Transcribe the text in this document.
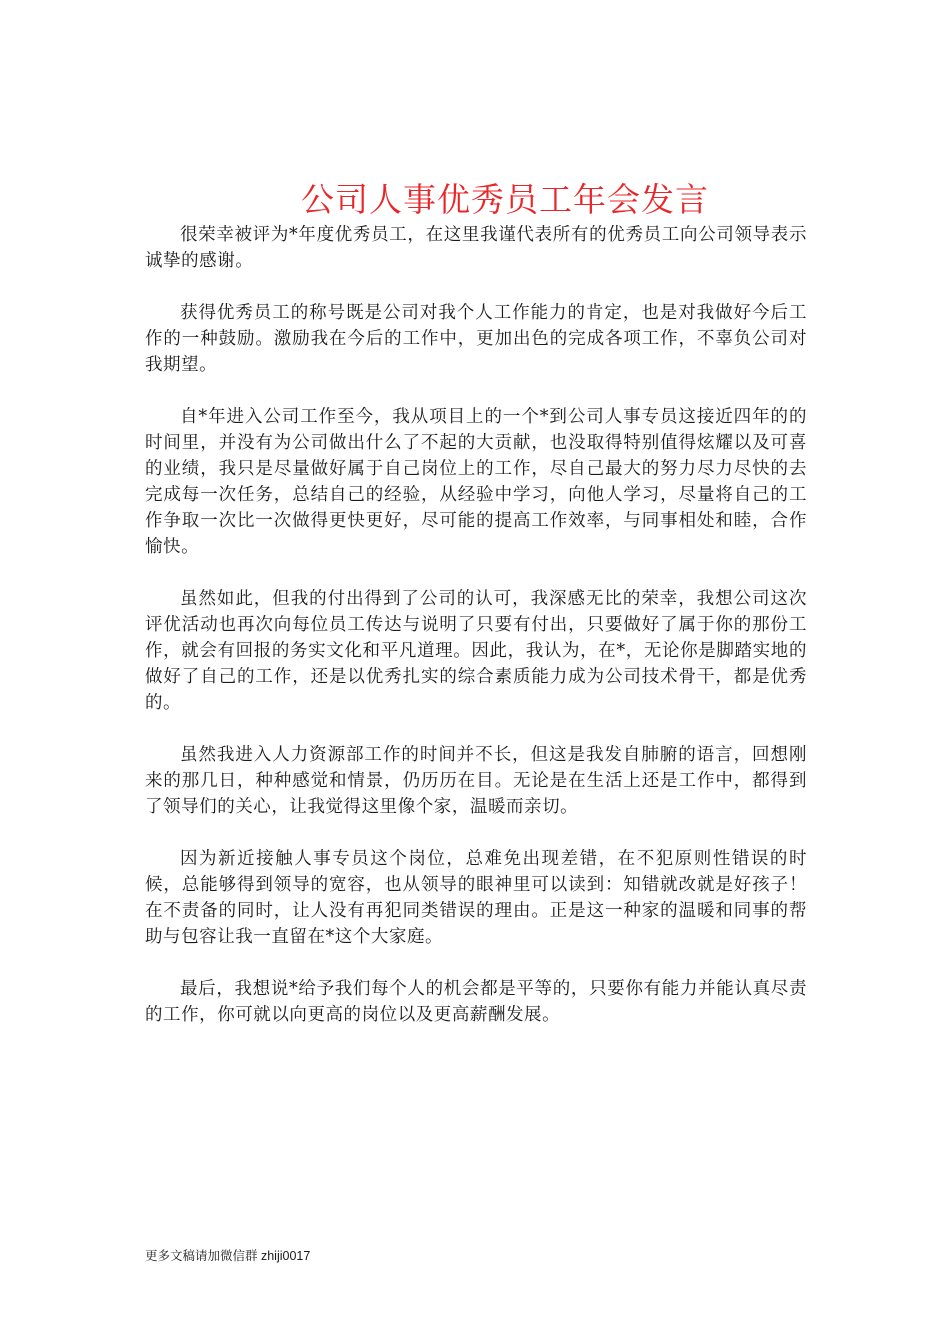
公司人事优秀员工年会发言

很荣幸被评为*年度优秀员工，在这里我谨代表所有的优秀员工向公司领导表示诚挚的感谢。

获得优秀员工的称号既是公司对我个人工作能力的肯定，也是对我做好今后工作的一种鼓励。激励我在今后的工作中，更加出色的完成各项工作，不辜负公司对我期望。

自*年进入公司工作至今，我从项目上的一个*到公司人事专员这接近四年的的时间里，并没有为公司做出什么了不起的大贡献，也没取得特别值得炫耀以及可喜的业绩，我只是尽量做好属于自己岗位上的工作，尽自己最大的努力尽力尽快的去完成每一次任务，总结自己的经验，从经验中学习，向他人学习，尽量将自己的工作争取一次比一次做得更快更好，尽可能的提高工作效率，与同事相处和睦，合作愉快。

虽然如此，但我的付出得到了公司的认可，我深感无比的荣幸，我想公司这次评优活动也再次向每位员工传达与说明了只要有付出，只要做好了属于你的那份工作，就会有回报的务实文化和平凡道理。因此，我认为，在*，无论你是脚踏实地的做好了自己的工作，还是以优秀扎实的综合素质能力成为公司技术骨干，都是优秀的。

虽然我进入人力资源部工作的时间并不长，但这是我发自肺腑的语言，回想刚来的那几日，种种感觉和情景，仍历历在目。无论是在生活上还是工作中，都得到了领导们的关心，让我觉得这里像个家，温暖而亲切。

因为新近接触人事专员这个岗位，总难免出现差错，在不犯原则性错误的时候，总能够得到领导的宽容，也从领导的眼神里可以读到：知错就改就是好孩子！在不责备的同时，让人没有再犯同类错误的理由。正是这一种家的温暖和同事的帮助与包容让我一直留在*这个大家庭。

最后，我想说*给予我们每个人的机会都是平等的，只要你有能力并能认真尽责的工作，你可就以向更高的岗位以及更高薪酬发展。

更多文稿请加微信群 zhiji0017
